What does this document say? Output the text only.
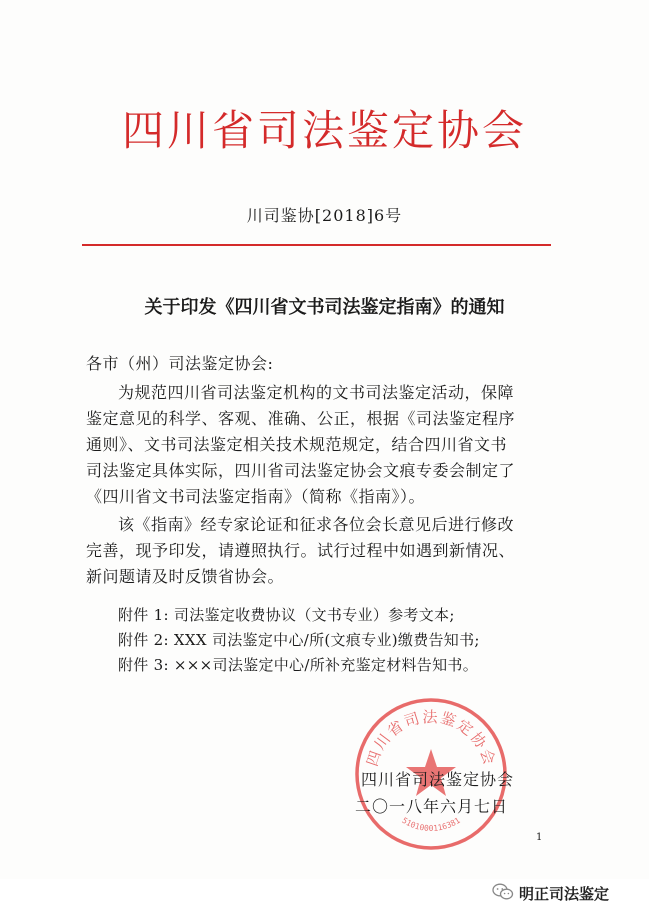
四川省司法鉴定协会
川司鉴协[2018]6号
关于印发《四川省文书司法鉴定指南》的通知
各市（州）司法鉴定协会:
为规范四川省司法鉴定机构的文书司法鉴定活动，保障
鉴定意见的科学、客观、准确、公正，根据《司法鉴定程序
通则》、文书司法鉴定相关技术规范规定，结合四川省文书
司法鉴定具体实际，四川省司法鉴定协会文痕专委会制定了
《四川省文书司法鉴定指南》（简称《指南》）。
该《指南》经专家论证和征求各位会长意见后进行修改
完善，现予印发，请遵照执行。试行过程中如遇到新情况、
新问题请及时反馈省协会。
附件 1: 司法鉴定收费协议（文书专业）参考文本;
附件 2: XXX 司法鉴定中心/所(文痕专业)缴费告知书;
附件 3: ×××司法鉴定中心/所补充鉴定材料告知书。
四川省司法鉴定协会
5101000116381
四川省司法鉴定协会
二〇一八年六月七日
1
明正司法鉴定
